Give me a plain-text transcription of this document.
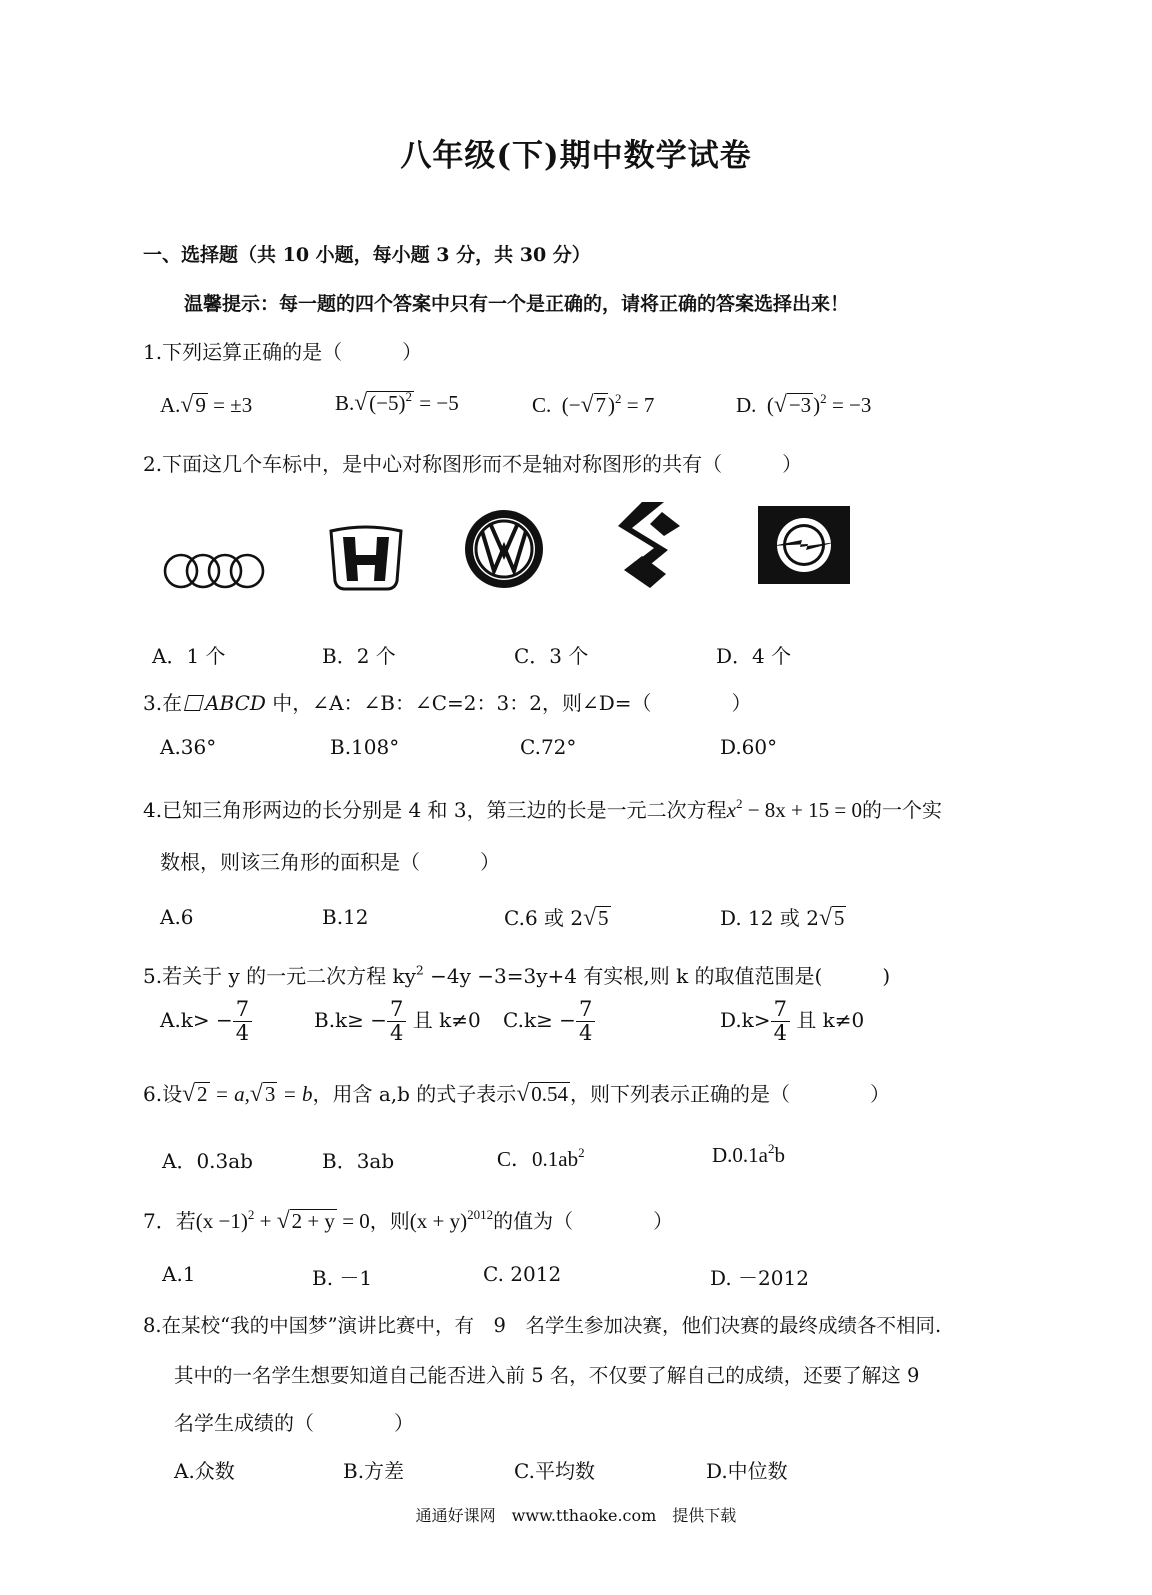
八年级(下)期中数学试卷
一、选择题（共 10 小题，每小题 3 分，共 30 分）
温馨提示：每一题的四个答案中只有一个是正确的，请将正确的答案选择出来！
1.下列运算正确的是（　　　）
A.√9 = ±3	$B.√(-5)^2 = -5$	C. $(-√7)^2 = 7$	D. $(√-3)^2 = -3$
2.下面这几个车标中，是中心对称图形而不是轴对称图形的共有（　　　）
A．1 个	B．2 个	C．3 个	D．4 个
3.在 ABCD 中，∠A：∠B：∠C=2：3：2，则∠D=（　　　　）
A.36°	B.108°	C.72°	D.60°
4.已知三角形两边的长分别是 4 和 3，第三边的长是一元二次方程$x^2 - 8x + 15 = 0$的一个实
数根，则该三角形的面积是（　　　）
A.6	B.12	C.6 或 2√5	D. 12 或 2√5
5.若关于 y 的一元二次方程 $ky^2 -4y -3=3y+4$ 有实根,则 k 的取值范围是(　　　)
$A.k> - \frac{7}{4}$	$B.k\ge - \frac{7}{4}$ 且 k≠0 $C.k\ge - \frac{7}{4}$	$D.k> \frac{7}{4}$ 且 k≠0
6.设√2 = a,√3 = b，用含 a,b 的式子表示√0.54 ，则下列表示正确的是（　　　　）
A．0.3ab	B．3ab	C．$0.1ab^2$	$D.0.1a^2b$
7．若$(x -1)^2 + √2 + y = 0$，则$(x + y)^{2012}$的值为（　　　　）
A.1	B. －1	C. 2012	D. －2012
8.在某校“我的中国梦”演讲比赛中，有　9　名学生参加决赛，他们决赛的最终成绩各不相同.
其中的一名学生想要知道自己能否进入前 5 名，不仅要了解自己的成绩，还要了解这 9
名学生成绩的（　　　　）
A.众数	B.方差	C.平均数	D.中位数
通通好课网　www.tthaoke.com　提供下载
